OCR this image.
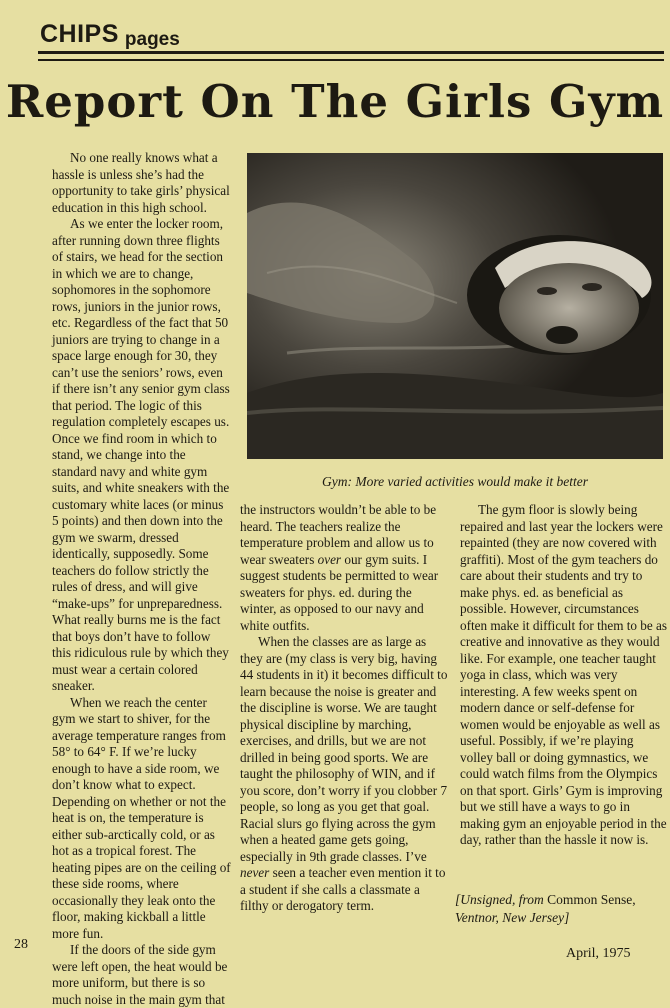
CHIPS pages
Report On The Girls Gym
Gym: More varied activities would make it better

No one really knows what a hassle is unless she’s had the opportunity to take girls’ physical education in this high school.

As we enter the locker room, after running down three flights of stairs, we head for the section in which we are to change, sophomores in the sophomore rows, juniors in the junior rows, etc. Regardless of the fact that 50 juniors are trying to change in a space large enough for 30, they can’t use the seniors’ rows, even if there isn’t any senior gym class that period. The logic of this regulation completely escapes us. Once we find room in which to stand, we change into the standard navy and white gym suits, and white sneakers with the customary white laces (or minus 5 points) and then down into the gym we swarm, dressed identically, supposedly. Some teachers do follow strictly the rules of dress, and will give “make-ups” for unpreparedness. What really burns me is the fact that boys don’t have to follow this ridiculous rule by which they must wear a certain colored sneaker.

When we reach the center gym we start to shiver, for the average temperature ranges from 58° to 64° F. If we’re lucky enough to have a side room, we don’t know what to expect. Depending on whether or not the heat is on, the temperature is either sub-arctically cold, or as hot as a tropical forest. The heating pipes are on the ceiling of these side rooms, where occasionally they leak onto the floor, making kickball a little more fun.

If the doors of the side gym were left open, the heat would be more uniform, but there is so much noise in the main gym that

the instructors wouldn’t be able to be heard. The teachers realize the temperature problem and allow us to wear sweaters over our gym suits. I suggest students be permitted to wear sweaters for phys. ed. during the winter, as opposed to our navy and white outfits.

When the classes are as large as they are (my class is very big, having 44 students in it) it becomes difficult to learn because the noise is greater and the discipline is worse. We are taught physical discipline by marching, exercises, and drills, but we are not drilled in being good sports. We are taught the philosophy of WIN, and if you score, don’t worry if you clobber 7 people, so long as you get that goal. Racial slurs go flying across the gym when a heated game gets going, especially in 9th grade classes. I’ve never seen a teacher even mention it to a student if she calls a classmate a filthy or derogatory term.

The gym floor is slowly being repaired and last year the lockers were repainted (they are now covered with graffiti). Most of the gym teachers do care about their students and try to make phys. ed. as beneficial as possible. However, circumstances often make it difficult for them to be as creative and innovative as they would like. For example, one teacher taught yoga in class, which was very interesting. A few weeks spent on modern dance or self-defense for women would be enjoyable as well as useful. Possibly, if we’re playing volley ball or doing gymnastics, we could watch films from the Olympics on that sport. Girls’ Gym is improving but we still have a ways to go in making gym an enjoyable period in the day, rather than the hassle it now is.

[Unsigned, from Common Sense,
Ventnor, New Jersey]
28
April, 1975
